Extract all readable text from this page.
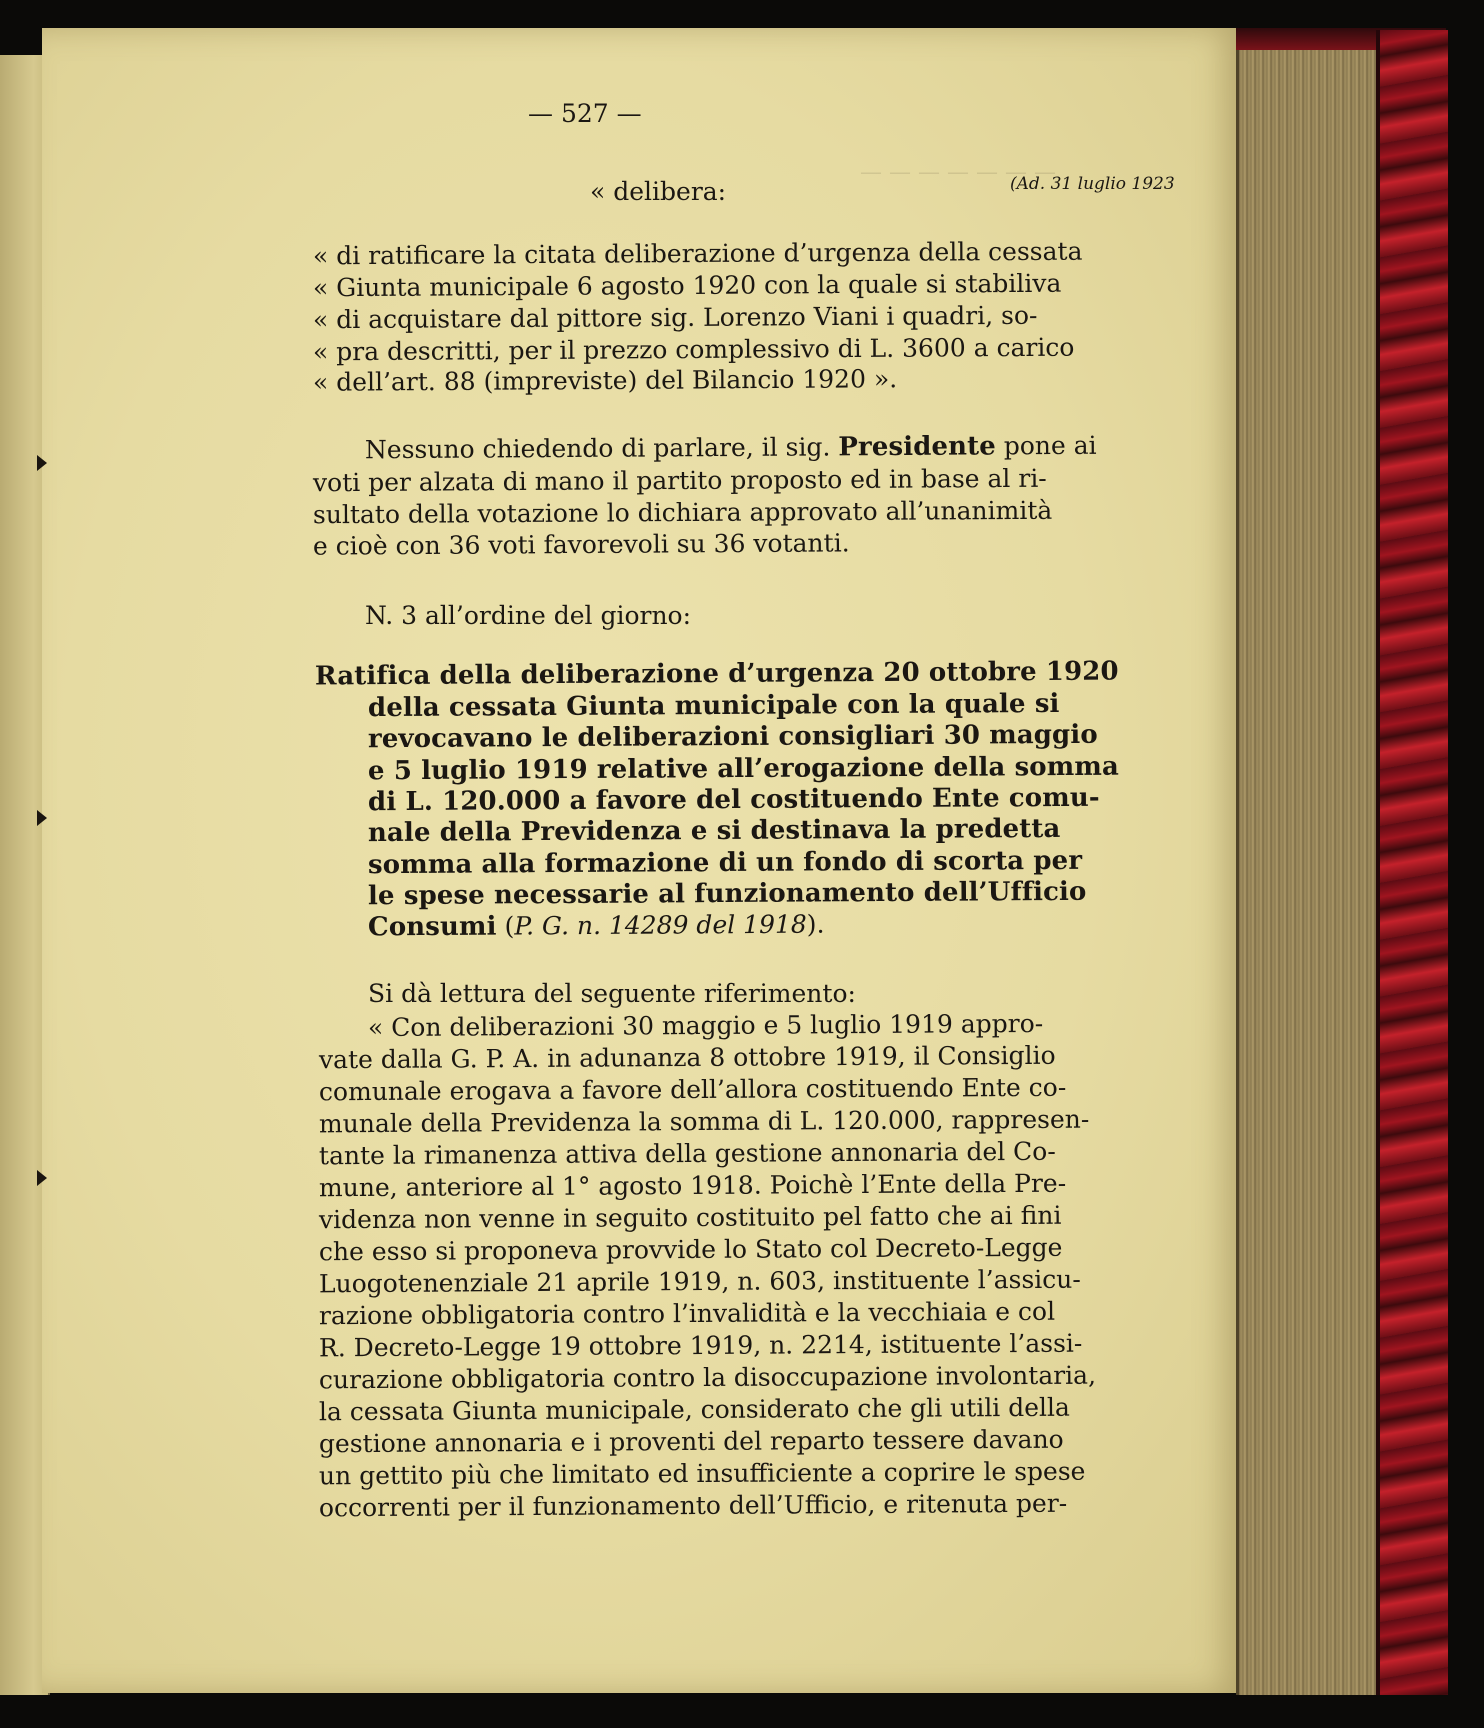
— — — — — — —
— 527 —
(Ad. 31 luglio 1923
« delibera:
« di ratificare la citata deliberazione d’urgenza della cessata
« Giunta municipale 6 agosto 1920 con la quale si stabiliva
« di acquistare dal pittore sig. Lorenzo Viani i quadri, so-
« pra descritti, per il prezzo complessivo di L. 3600 a carico
« dell’art. 88 (impreviste) del Bilancio 1920 ».
Nessuno chiedendo di parlare, il sig. Presidente pone ai
voti per alzata di mano il partito proposto ed in base al ri-
sultato della votazione lo dichiara approvato all’unanimità
e cioè con 36 voti favorevoli su 36 votanti.
N. 3 all’ordine del giorno:
Ratifica della deliberazione d’urgenza 20 ottobre 1920
della cessata Giunta municipale con la quale si
revocavano le deliberazioni consigliari 30 maggio
e 5 luglio 1919 relative all’erogazione della somma
di L. 120.000 a favore del costituendo Ente comu-
nale della Previdenza e si destinava la predetta
somma alla formazione di un fondo di scorta per
le spese necessarie al funzionamento dell’Ufficio
Consumi (P. G. n. 14289 del 1918).
Si dà lettura del seguente riferimento:
« Con deliberazioni 30 maggio e 5 luglio 1919 appro-
vate dalla G. P. A. in adunanza 8 ottobre 1919, il Consiglio
comunale erogava a favore dell’allora costituendo Ente co-
munale della Previdenza la somma di L. 120.000, rappresen-
tante la rimanenza attiva della gestione annonaria del Co-
mune, anteriore al 1° agosto 1918. Poichè l’Ente della Pre-
videnza non venne in seguito costituito pel fatto che ai fini
che esso si proponeva provvide lo Stato col Decreto-Legge
Luogotenenziale 21 aprile 1919, n. 603, instituente l’assicu-
razione obbligatoria contro l’invalidità e la vecchiaia e col
R. Decreto-Legge 19 ottobre 1919, n. 2214, istituente l’assi-
curazione obbligatoria contro la disoccupazione involontaria,
la cessata Giunta municipale, considerato che gli utili della
gestione annonaria e i proventi del reparto tessere davano
un gettito più che limitato ed insufficiente a coprire le spese
occorrenti per il funzionamento dell’Ufficio, e ritenuta per-
